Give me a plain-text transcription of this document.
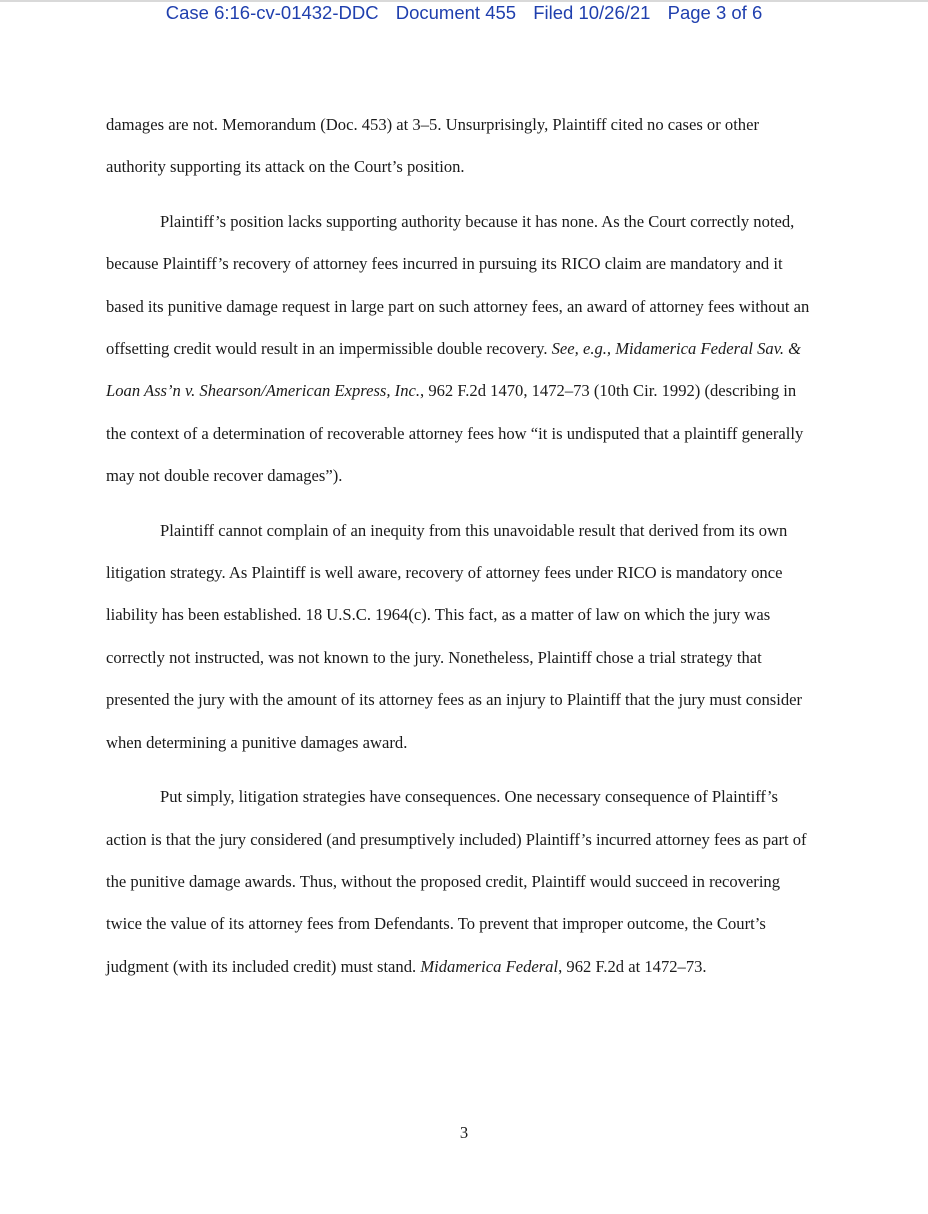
Case 6:16-cv-01432-DDC Document 455 Filed 10/26/21 Page 3 of 6

damages are not. Memorandum (Doc. 453) at 3–5. Unsurprisingly, Plaintiff cited no cases or other authority supporting its attack on the Court’s position.

Plaintiff’s position lacks supporting authority because it has none. As the Court correctly noted, because Plaintiff’s recovery of attorney fees incurred in pursuing its RICO claim are mandatory and it based its punitive damage request in large part on such attorney fees, an award of attorney fees without an offsetting credit would result in an impermissible double recovery. See, e.g., Midamerica Federal Sav. & Loan Ass’n v. Shearson/American Express, Inc., 962 F.2d 1470, 1472–73 (10th Cir. 1992) (describing in the context of a determination of recoverable attorney fees how “it is undisputed that a plaintiff generally may not double recover damages”).

Plaintiff cannot complain of an inequity from this unavoidable result that derived from its own litigation strategy. As Plaintiff is well aware, recovery of attorney fees under RICO is mandatory once liability has been established. 18 U.S.C. 1964(c). This fact, as a matter of law on which the jury was correctly not instructed, was not known to the jury. Nonetheless, Plaintiff chose a trial strategy that presented the jury with the amount of its attorney fees as an injury to Plaintiff that the jury must consider when determining a punitive damages award.

Put simply, litigation strategies have consequences. One necessary consequence of Plaintiff’s action is that the jury considered (and presumptively included) Plaintiff’s incurred attorney fees as part of the punitive damage awards. Thus, without the proposed credit, Plaintiff would succeed in recovering twice the value of its attorney fees from Defendants. To prevent that improper outcome, the Court’s judgment (with its included credit) must stand. Midamerica Federal, 962 F.2d at 1472–73.

3
